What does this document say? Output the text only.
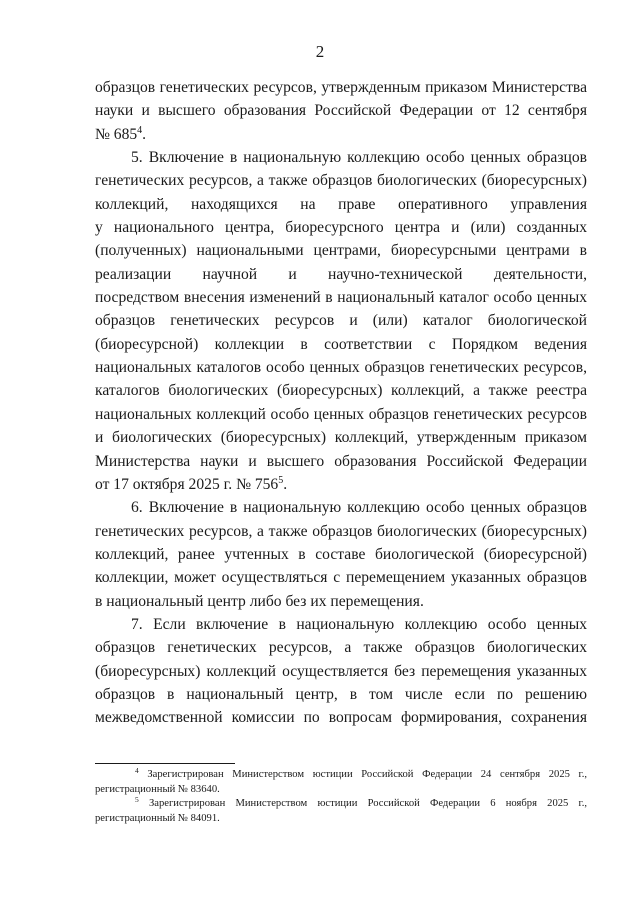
2
образцов генетических ресурсов, утвержденным приказом Министерства
науки и высшего образования Российской Федерации от 12 сентября
№ $685^4$.
5. Включение в национальную коллекцию особо ценных образцов
генетических ресурсов, а также образцов биологических (биоресурсных)
коллекций, находящихся на праве оперативного управления
у национального центра, биоресурсного центра и (или) созданных
(полученных) национальными центрами, биоресурсными центрами в
реализации научной и научно-технической деятельности,
посредством внесения изменений в национальный каталог особо ценных
образцов генетических ресурсов и (или) каталог биологической
(биоресурсной) коллекции в соответствии с Порядком ведения
национальных каталогов особо ценных образцов генетических ресурсов,
каталогов биологических (биоресурсных) коллекций, а также реестра
национальных коллекций особо ценных образцов генетических ресурсов
и биологических (биоресурсных) коллекций, утвержденным приказом
Министерства науки и высшего образования Российской Федерации
от 17 октября 2025 г. № $756^5$.
6. Включение в национальную коллекцию особо ценных образцов
генетических ресурсов, а также образцов биологических (биоресурсных)
коллекций, ранее учтенных в составе биологической (биоресурсной)
коллекции, может осуществляться с перемещением указанных образцов
в национальный центр либо без их перемещения.
7. Если включение в национальную коллекцию особо ценных
образцов генетических ресурсов, а также образцов биологических
(биоресурсных) коллекций осуществляется без перемещения указанных
образцов в национальный центр, в том числе если по решению
межведомственной комиссии по вопросам формирования, сохранения
$^4$ Зарегистрирован Министерством юстиции Российской Федерации 24 сентября 2025 г.,
регистрационный № 83640.
$^5$ Зарегистрирован Министерством юстиции Российской Федерации 6 ноября 2025 г.,
регистрационный № 84091.
